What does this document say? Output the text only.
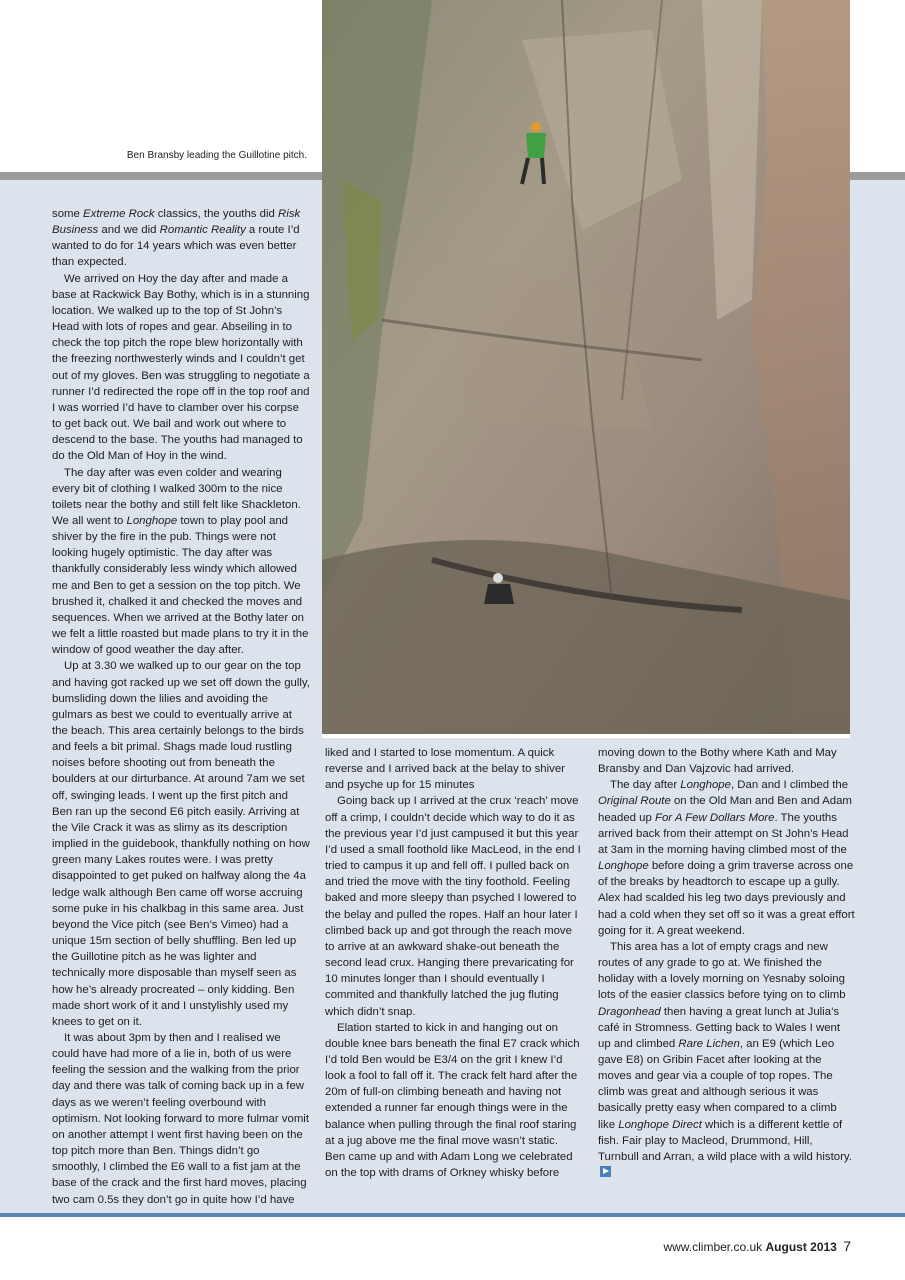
Ben Bransby leading the Guillotine pitch.

some Extreme Rock classics, the youths did Risk Business and we did Romantic Reality a route I’d wanted to do for 14 years which was even better than expected.

We arrived on Hoy the day after and made a base at Rackwick Bay Bothy, which is in a stunning location. We walked up to the top of St John’s Head with lots of ropes and gear. Abseiling in to check the top pitch the rope blew horizontally with the freezing northwesterly winds and I couldn’t get out of my gloves. Ben was struggling to negotiate a runner I’d redirected the rope off in the top roof and I was worried I’d have to clamber over his corpse to get back out. We bail and work out where to descend to the base. The youths had managed to do the Old Man of Hoy in the wind.

The day after was even colder and wearing every bit of clothing I walked 300m to the nice toilets near the bothy and still felt like Shackleton. We all went to Longhope town to play pool and shiver by the fire in the pub. Things were not looking hugely optimistic. The day after was thankfully considerably less windy which allowed me and Ben to get a session on the top pitch. We brushed it, chalked it and checked the moves and sequences. When we arrived at the Bothy later on we felt a little roasted but made plans to try it in the window of good weather the day after.

Up at 3.30 we walked up to our gear on the top and having got racked up we set off down the gully, bumsliding down the lilies and avoiding the gulmars as best we could to eventually arrive at the beach. This area certainly belongs to the birds and feels a bit primal. Shags made loud rustling noises before shooting out from beneath the boulders at our dirturbance. At around 7am we set off, swinging leads. I went up the first pitch and Ben ran up the second E6 pitch easily. Arriving at the Vile Crack it was as slimy as its description implied in the guidebook, thankfully nothing on how green many Lakes routes were. I was pretty disappointed to get puked on halfway along the 4a ledge walk although Ben came off worse accruing some puke in his chalkbag in this same area. Just beyond the Vice pitch (see Ben’s Vimeo) had a unique 15m section of belly shuffling. Ben led up the Guillotine pitch as he was lighter and technically more disposable than myself seen as how he’s already procreated – only kidding. Ben made short work of it and I unstylishly used my knees to get on it.

It was about 3pm by then and I realised we could have had more of a lie in, both of us were feeling the session and the walking from the prior day and there was talk of coming back up in a few days as we weren’t feeling overbound with optimism. Not looking forward to more fulmar vomit on another attempt I went first having been on the top pitch more than Ben. Things didn’t go smoothly, I climbed the E6 wall to a fist jam at the base of the crack and the first hard moves, placing two cam 0.5s they don’t go in quite how I’d have

liked and I started to lose momentum. A quick reverse and I arrived back at the belay to shiver and psyche up for 15 minutes

Going back up I arrived at the crux ‘reach’ move off a crimp, I couldn’t decide which way to do it as the previous year I’d just campused it but this year I’d used a small foothold like MacLeod, in the end I tried to campus it up and fell off. I pulled back on and tried the move with the tiny foothold. Feeling baked and more sleepy than psyched I lowered to the belay and pulled the ropes. Half an hour later I climbed back up and got through the reach move to arrive at an awkward shake-out beneath the second lead crux. Hanging there prevaricating for 10 minutes longer than I should eventually I commited and thankfully latched the jug fluting which didn’t snap.

Elation started to kick in and hanging out on double knee bars beneath the final E7 crack which I’d told Ben would be E3/4 on the grit I knew I’d look a fool to fall off it. The crack felt hard after the 20m of full-on climbing beneath and having not extended a runner far enough things were in the balance when pulling through the final roof staring at a jug above me the final move wasn’t static. Ben came up and with Adam Long we celebrated on the top with drams of Orkney whisky before

moving down to the Bothy where Kath and May Bransby and Dan Vajzovic had arrived.

The day after Longhope, Dan and I climbed the Original Route on the Old Man and Ben and Adam headed up For A Few Dollars More. The youths arrived back from their attempt on St John’s Head at 3am in the morning having climbed most of the Longhope before doing a grim traverse across one of the breaks by headtorch to escape up a gully. Alex had scalded his leg two days previously and had a cold when they set off so it was a great effort going for it. A great weekend.

This area has a lot of empty crags and new routes of any grade to go at. We finished the holiday with a lovely morning on Yesnaby soloing lots of the easier classics before tying on to climb Dragonhead then having a great lunch at Julia’s café in Stromness. Getting back to Wales I went up and climbed Rare Lichen, an E9 (which Leo gave E8) on Gribin Facet after looking at the moves and gear via a couple of top ropes. The climb was great and although serious it was basically pretty easy when compared to a climb like Longhope Direct which is a different kettle of fish. Fair play to Macleod, Drummond, Hill, Turnbull and Arran, a wild place with a wild history.

www.climber.co.uk August 2013 7
